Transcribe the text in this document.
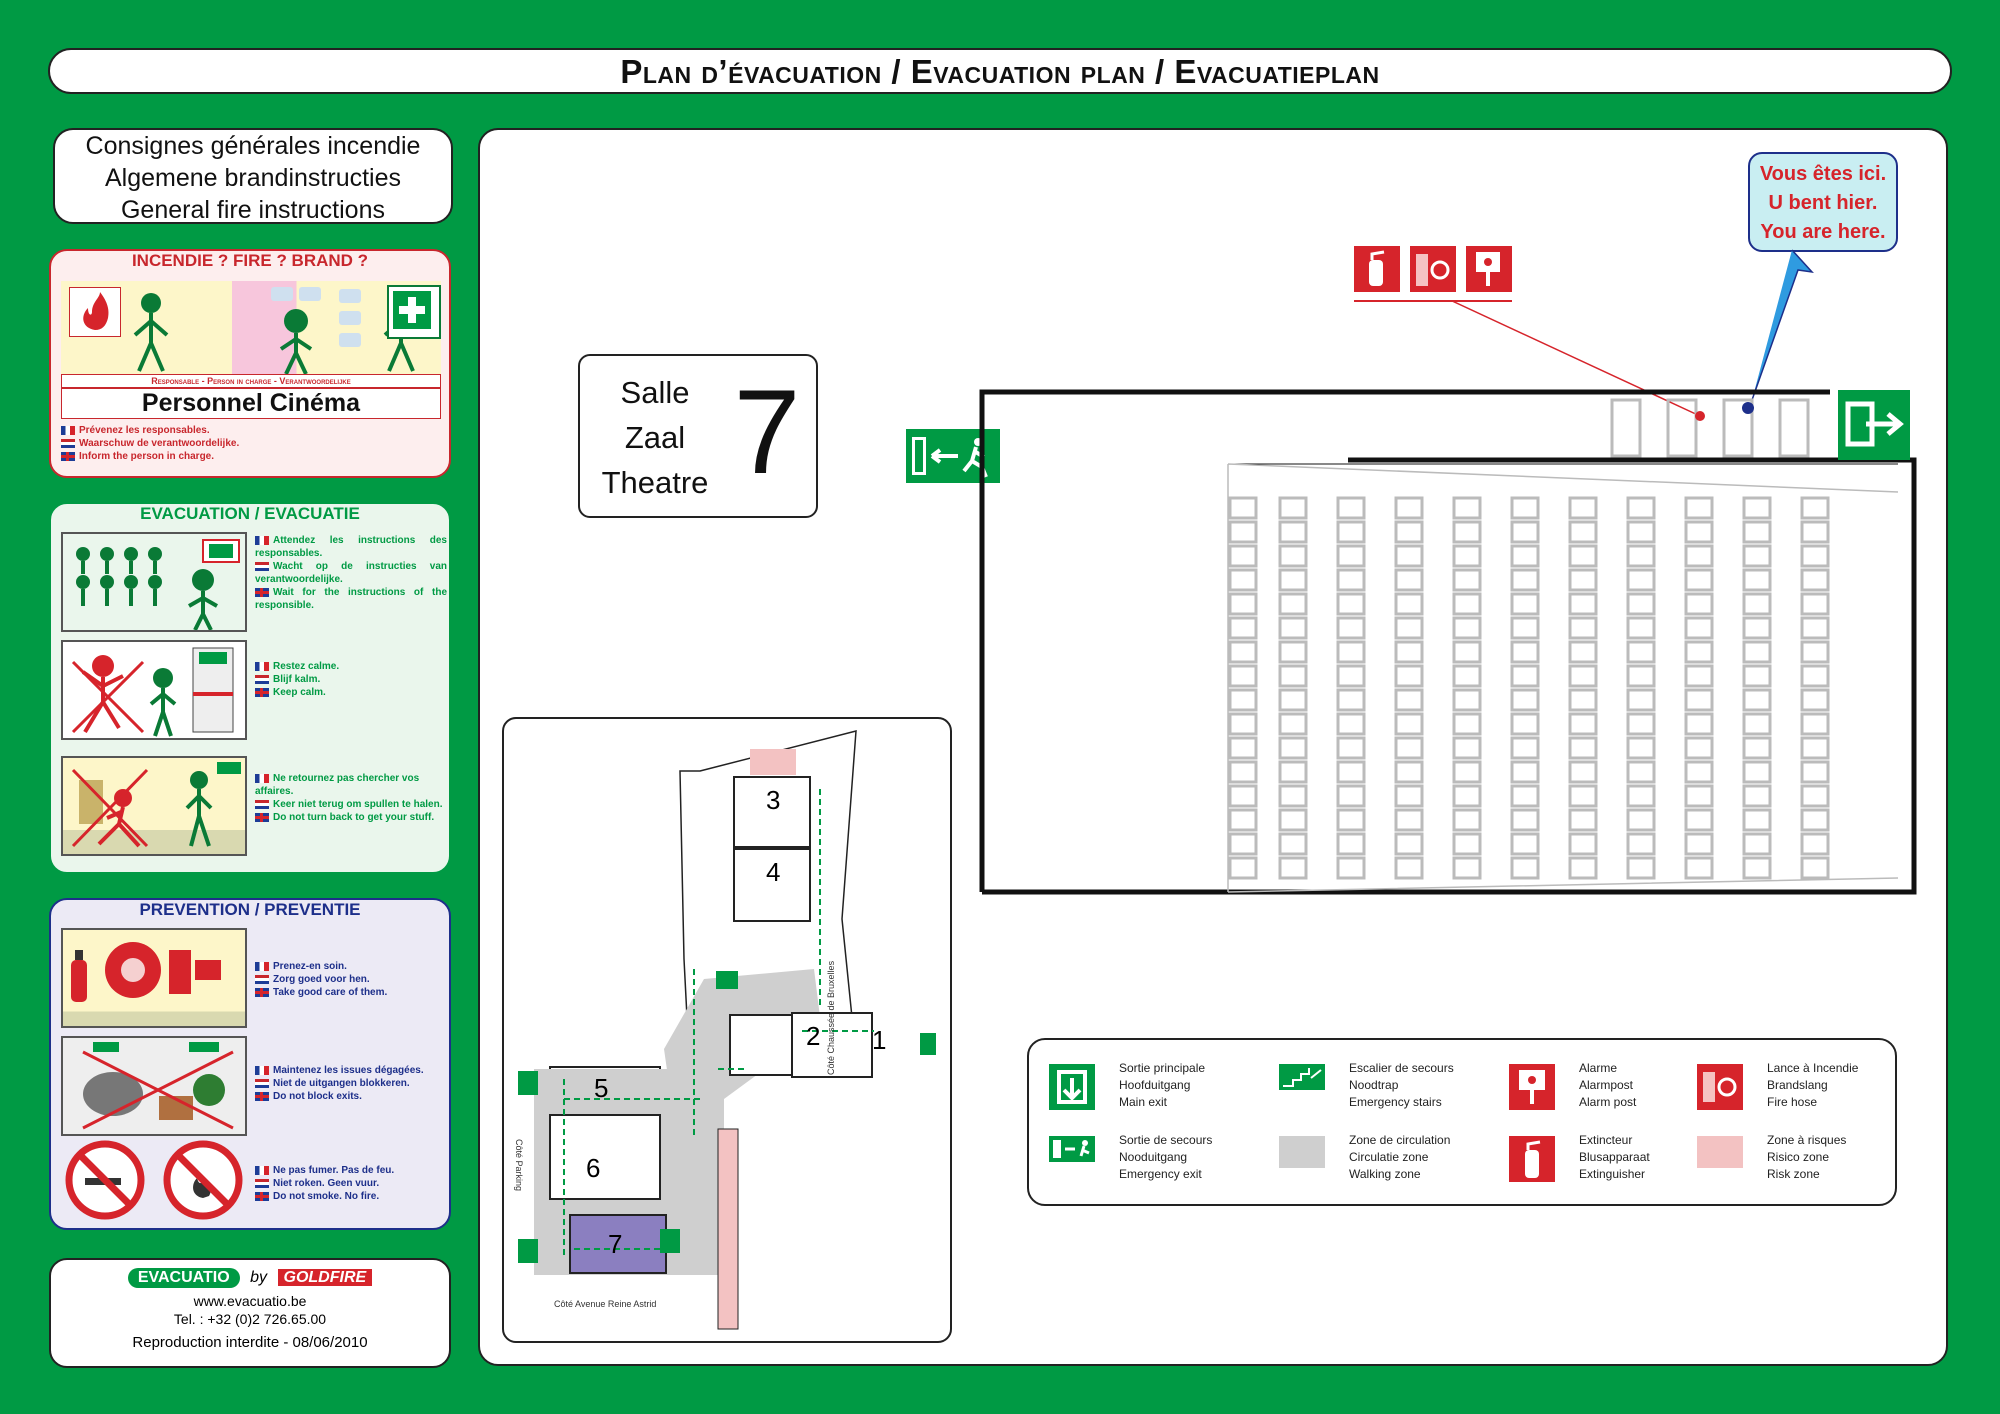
Plan d’évacuation / Evacuation plan / Evacuatieplan
Consignes générales incendie
Algemene brandinstructies
General fire instructions
INCENDIE ? FIRE ? BRAND ?
Responsable - Person in charge - Verantwoordelijke
Personnel Cinéma
Prévenez les responsables.
Waarschuw de verantwoordelijke.
Inform the person in charge.
EVACUATION / EVACUATIE
Attendez les instructions des responsables.
Wacht op de instructies van verantwoordelijke.
Wait for the instructions of the responsible.
Restez calme.
Blijf kalm.
Keep calm.
Ne retournez pas chercher vos affaires.
Keer niet terug om spullen te halen.
Do not turn back to get your stuff.
PREVENTION / PREVENTIE
Prenez-en soin.
Zorg goed voor hen.
Take good care of them.
Maintenez les issues dégagées.
Niet de uitgangen blokkeren.
Do not block exits.
Ne pas fumer. Pas de feu.
Niet roken. Geen vuur.
Do not smoke. No fire.
EVACUATIO by GOLDFIRE
www.evacuatio.be
Tel. : +32 (0)2 726.65.00
Reproduction interdite - 08/06/2010
Salle
Zaal
Theatre 7
Vous êtes ici.
U bent hier.
You are here.
3
4
2 1
5
6
7
Côté Chaussée de Bruxelles
Côté Parking
Côté Avenue Reine Astrid
Sortie principale
Hoofduitgang
Main exit
Escalier de secours
Noodtrap
Emergency stairs
Alarme
Alarmpost
Alarm post
Lance à Incendie
Brandslang
Fire hose
Sortie de secours
Nooduitgang
Emergency exit
Zone de circulation
Circulatie zone
Walking zone
Extincteur
Blusapparaat
Extinguisher
Zone à risques
Risico zone
Risk zone
